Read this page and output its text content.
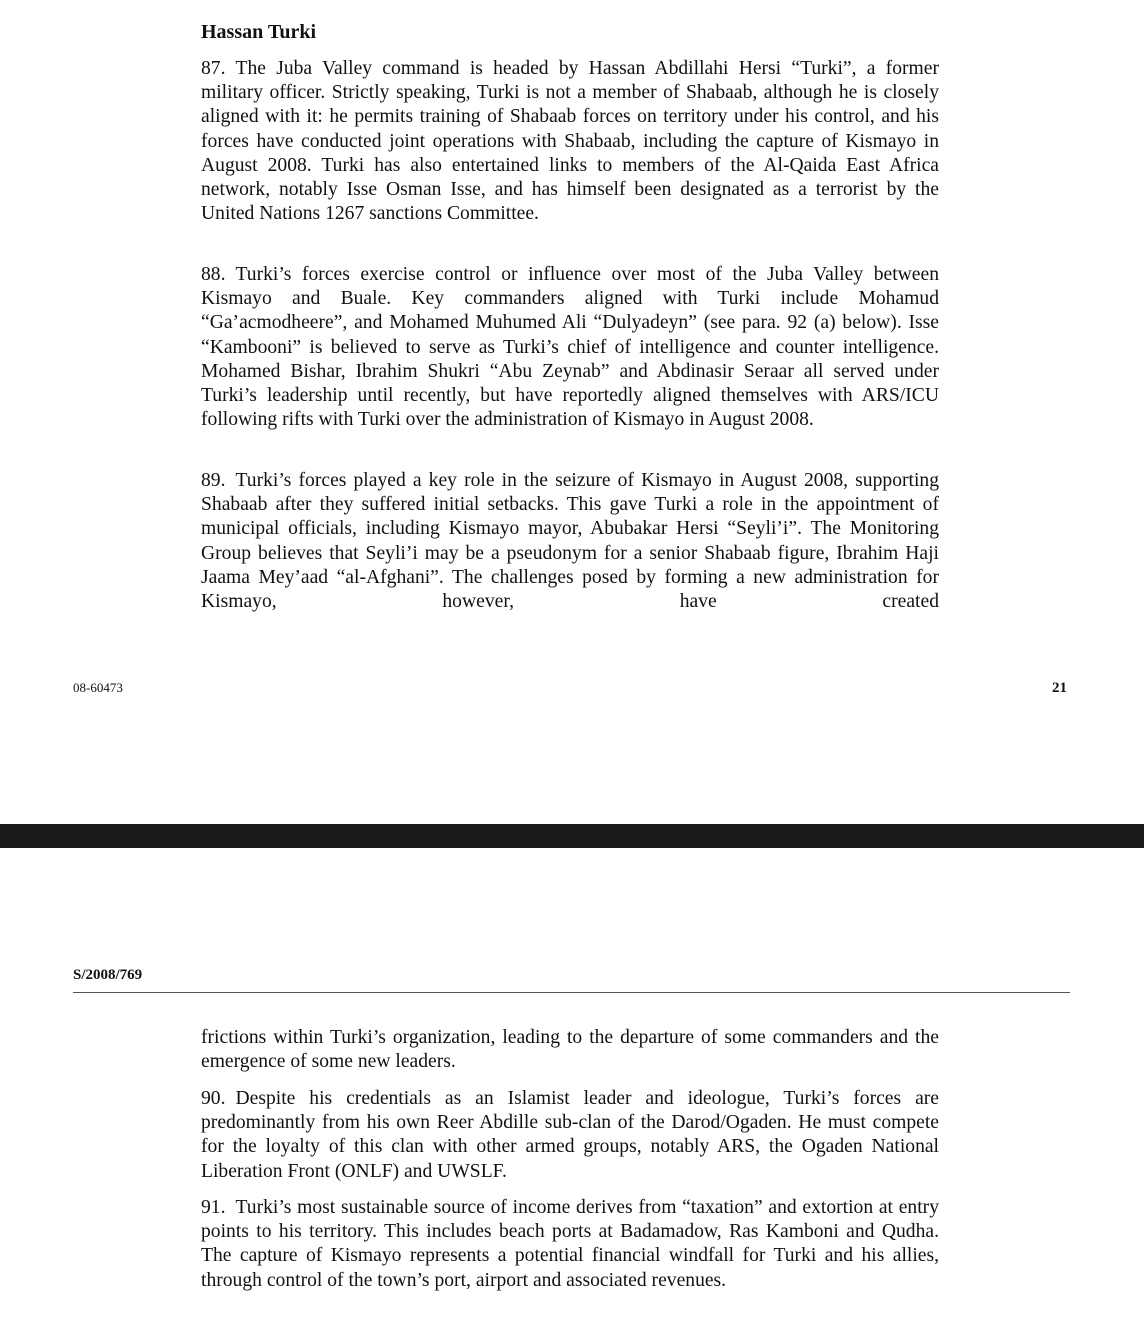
Hassan Turki

87. The Juba Valley command is headed by Hassan Abdillahi Hersi “Turki”, a former military officer. Strictly speaking, Turki is not a member of Shabaab, although he is closely aligned with it: he permits training of Shabaab forces on territory under his control, and his forces have conducted joint operations with Shabaab, including the capture of Kismayo in August 2008. Turki has also entertained links to members of the Al-Qaida East Africa network, notably Isse Osman Isse, and has himself been designated as a terrorist by the United Nations 1267 sanctions Committee.

88. Turki’s forces exercise control or influence over most of the Juba Valley between Kismayo and Buale. Key commanders aligned with Turki include Mohamud “Ga’acmodheere”, and Mohamed Muhumed Ali “Dulyadeyn” (see para. 92 (a) below). Isse “Kambooni” is believed to serve as Turki’s chief of intelligence and counter intelligence. Mohamed Bishar, Ibrahim Shukri “Abu Zeynab” and Abdinasir Seraar all served under Turki’s leadership until recently, but have reportedly aligned themselves with ARS/ICU following rifts with Turki over the administration of Kismayo in August 2008.

89. Turki’s forces played a key role in the seizure of Kismayo in August 2008, supporting Shabaab after they suffered initial setbacks. This gave Turki a role in the appointment of municipal officials, including Kismayo mayor, Abubakar Hersi “Seyli’i”. The Monitoring Group believes that Seyli’i may be a pseudonym for a senior Shabaab figure, Ibrahim Haji Jaama Mey’aad “al-Afghani”. The challenges posed by forming a new administration for Kismayo, however, have created

08-60473	21
S/2008/769

frictions within Turki’s organization, leading to the departure of some commanders and the emergence of some new leaders.

90. Despite his credentials as an Islamist leader and ideologue, Turki’s forces are predominantly from his own Reer Abdille sub-clan of the Darod/Ogaden. He must compete for the loyalty of this clan with other armed groups, notably ARS, the Ogaden National Liberation Front (ONLF) and UWSLF.

91. Turki’s most sustainable source of income derives from “taxation” and extortion at entry points to his territory. This includes beach ports at Badamadow, Ras Kamboni and Qudha. The capture of Kismayo represents a potential financial windfall for Turki and his allies, through control of the town’s port, airport and associated revenues.
